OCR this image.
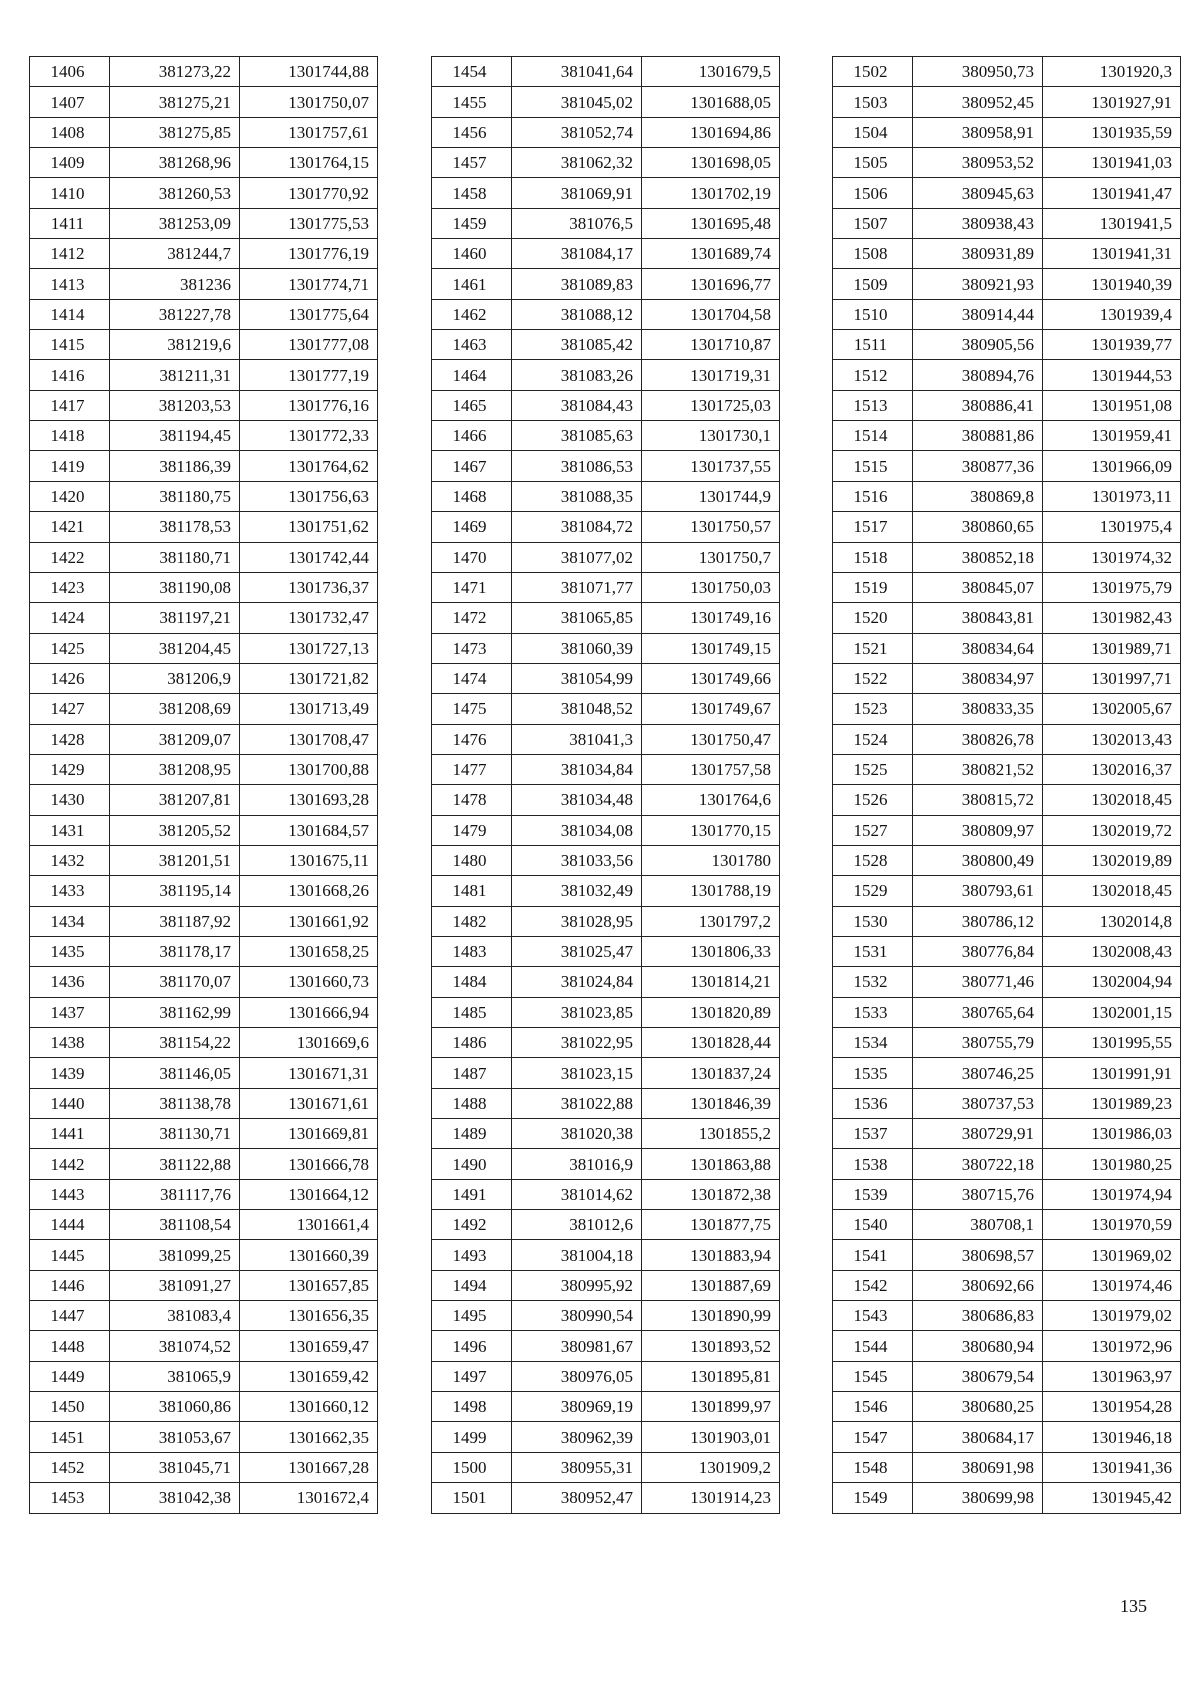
1406	381273,22	1301744,88
1407	381275,21	1301750,07
1408	381275,85	1301757,61
1409	381268,96	1301764,15
1410	381260,53	1301770,92
1411	381253,09	1301775,53
1412	381244,7	1301776,19
1413	381236	1301774,71
1414	381227,78	1301775,64
1415	381219,6	1301777,08
1416	381211,31	1301777,19
1417	381203,53	1301776,16
1418	381194,45	1301772,33
1419	381186,39	1301764,62
1420	381180,75	1301756,63
1421	381178,53	1301751,62
1422	381180,71	1301742,44
1423	381190,08	1301736,37
1424	381197,21	1301732,47
1425	381204,45	1301727,13
1426	381206,9	1301721,82
1427	381208,69	1301713,49
1428	381209,07	1301708,47
1429	381208,95	1301700,88
1430	381207,81	1301693,28
1431	381205,52	1301684,57
1432	381201,51	1301675,11
1433	381195,14	1301668,26
1434	381187,92	1301661,92
1435	381178,17	1301658,25
1436	381170,07	1301660,73
1437	381162,99	1301666,94
1438	381154,22	1301669,6
1439	381146,05	1301671,31
1440	381138,78	1301671,61
1441	381130,71	1301669,81
1442	381122,88	1301666,78
1443	381117,76	1301664,12
1444	381108,54	1301661,4
1445	381099,25	1301660,39
1446	381091,27	1301657,85
1447	381083,4	1301656,35
1448	381074,52	1301659,47
1449	381065,9	1301659,42
1450	381060,86	1301660,12
1451	381053,67	1301662,35
1452	381045,71	1301667,28
1453	381042,38	1301672,4
1454	381041,64	1301679,5
1455	381045,02	1301688,05
1456	381052,74	1301694,86
1457	381062,32	1301698,05
1458	381069,91	1301702,19
1459	381076,5	1301695,48
1460	381084,17	1301689,74
1461	381089,83	1301696,77
1462	381088,12	1301704,58
1463	381085,42	1301710,87
1464	381083,26	1301719,31
1465	381084,43	1301725,03
1466	381085,63	1301730,1
1467	381086,53	1301737,55
1468	381088,35	1301744,9
1469	381084,72	1301750,57
1470	381077,02	1301750,7
1471	381071,77	1301750,03
1472	381065,85	1301749,16
1473	381060,39	1301749,15
1474	381054,99	1301749,66
1475	381048,52	1301749,67
1476	381041,3	1301750,47
1477	381034,84	1301757,58
1478	381034,48	1301764,6
1479	381034,08	1301770,15
1480	381033,56	1301780
1481	381032,49	1301788,19
1482	381028,95	1301797,2
1483	381025,47	1301806,33
1484	381024,84	1301814,21
1485	381023,85	1301820,89
1486	381022,95	1301828,44
1487	381023,15	1301837,24
1488	381022,88	1301846,39
1489	381020,38	1301855,2
1490	381016,9	1301863,88
1491	381014,62	1301872,38
1492	381012,6	1301877,75
1493	381004,18	1301883,94
1494	380995,92	1301887,69
1495	380990,54	1301890,99
1496	380981,67	1301893,52
1497	380976,05	1301895,81
1498	380969,19	1301899,97
1499	380962,39	1301903,01
1500	380955,31	1301909,2
1501	380952,47	1301914,23
1502	380950,73	1301920,3
1503	380952,45	1301927,91
1504	380958,91	1301935,59
1505	380953,52	1301941,03
1506	380945,63	1301941,47
1507	380938,43	1301941,5
1508	380931,89	1301941,31
1509	380921,93	1301940,39
1510	380914,44	1301939,4
1511	380905,56	1301939,77
1512	380894,76	1301944,53
1513	380886,41	1301951,08
1514	380881,86	1301959,41
1515	380877,36	1301966,09
1516	380869,8	1301973,11
1517	380860,65	1301975,4
1518	380852,18	1301974,32
1519	380845,07	1301975,79
1520	380843,81	1301982,43
1521	380834,64	1301989,71
1522	380834,97	1301997,71
1523	380833,35	1302005,67
1524	380826,78	1302013,43
1525	380821,52	1302016,37
1526	380815,72	1302018,45
1527	380809,97	1302019,72
1528	380800,49	1302019,89
1529	380793,61	1302018,45
1530	380786,12	1302014,8
1531	380776,84	1302008,43
1532	380771,46	1302004,94
1533	380765,64	1302001,15
1534	380755,79	1301995,55
1535	380746,25	1301991,91
1536	380737,53	1301989,23
1537	380729,91	1301986,03
1538	380722,18	1301980,25
1539	380715,76	1301974,94
1540	380708,1	1301970,59
1541	380698,57	1301969,02
1542	380692,66	1301974,46
1543	380686,83	1301979,02
1544	380680,94	1301972,96
1545	380679,54	1301963,97
1546	380680,25	1301954,28
1547	380684,17	1301946,18
1548	380691,98	1301941,36
1549	380699,98	1301945,42
135
